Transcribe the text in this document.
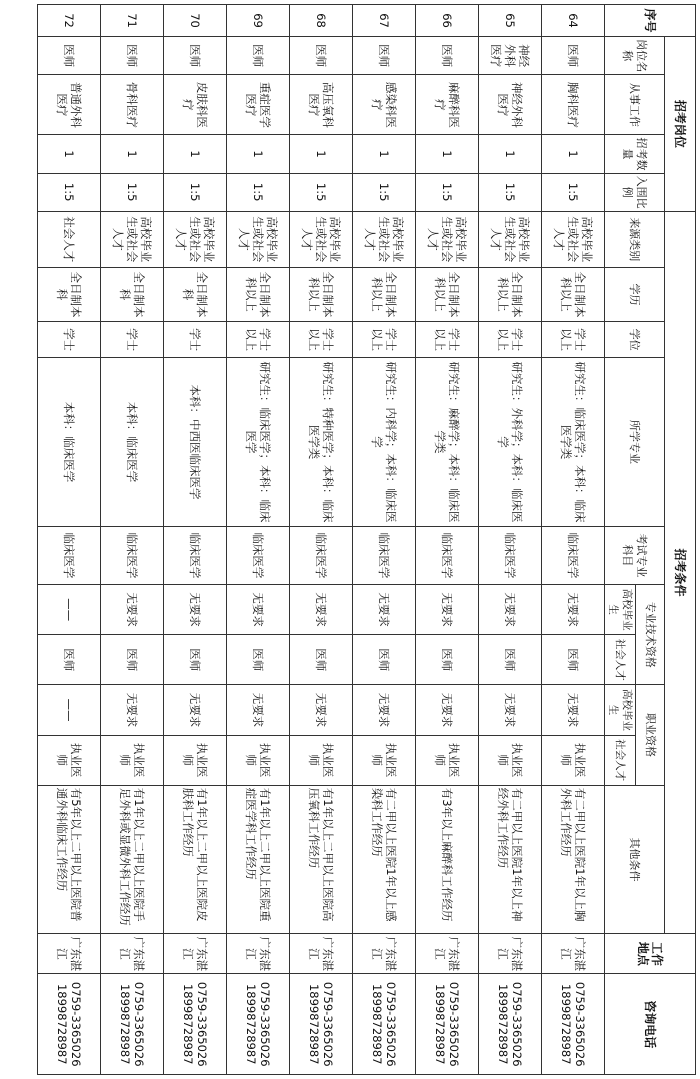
序号	招考岗位				招考条件										工作地点	咨询电话
	岗位名称	从事工作	招考数量	入围比例	来源类别	学历	学位	所学专业	考试专业科目	专业技术资格		职业资格		其他条件		
										高校毕业生	社会人才	高校毕业生	社会人才			
64	医师	胸科医疗	1	1:5	高校毕业生或社会人才	全日制本科以上	学士以上	研究生：临床医学；本科：临床医学类	临床医学	无要求	医师	无要求	执业医师	有二甲以上医院1年以上胸外科工作经历	广东湛江	0759-3365026 18998728987
65	神经外科医疗	神经外科医疗	1	1:5	高校毕业生或社会人才	全日制本科以上	学士以上	研究生：外科学；本科：临床医学	临床医学	无要求	医师	无要求	执业医师	有二甲以上医院1年以上神经外科工作经历	广东湛江	0759-3365026 18998728987
66	医师	麻醉科医疗	1	1:5	高校毕业生或社会人才	全日制本科以上	学士以上	研究生：麻醉学；本科：临床医学类	临床医学	无要求	医师	无要求	执业医师	有3年以上麻醉科工作经历	广东湛江	0759-3365026 18998728987
67	医师	感染科医疗	1	1:5	高校毕业生或社会人才	全日制本科以上	学士以上	研究生：内科学；本科：临床医学	临床医学	无要求	医师	无要求	执业医师	有二甲以上医院1年以上感染科工作经历	广东湛江	0759-3365026 18998728987
68	医师	高压氧科医疗	1	1:5	高校毕业生或社会人才	全日制本科以上	学士以上	研究生：特种医学；本科：临床医学类	临床医学	无要求	医师	无要求	执业医师	有1年以上二甲以上医院高压氧科工作经历	广东湛江	0759-3365026 18998728987
69	医师	重症医学医疗	1	1:5	高校毕业生或社会人才	全日制本科以上	学士以上	研究生：临床医学；本科：临床医学	临床医学	无要求	医师	无要求	执业医师	有1年以上二甲以上医院重症医学科工作经历	广东湛江	0759-3365026 18998728987
70	医师	皮肤科医疗	1	1:5	高校毕业生或社会人才	全日制本科	学士	本科：中西医临床医学	临床医学	无要求	医师	无要求	执业医师	有1年以上二甲以上医院皮肤科工作经历	广东湛江	0759-3365026 18998728987
71	医师	骨科医疗	1	1:5	高校毕业生或社会人才	全日制本科	学士	本科：临床医学	临床医学	无要求	医师	无要求	执业医师	有1年以上二甲以上医院手足外科或显微外科工作经历	广东湛江	0759-3365026 18998728987
72	医师	普通外科医疗	1	1:5	社会人才	全日制本科	学士	本科：临床医学	临床医学	——	医师	——	执业医师	有5年以上二甲以上医院普通外科临床工作经历	广东湛江	0759-3365026 18998728987
